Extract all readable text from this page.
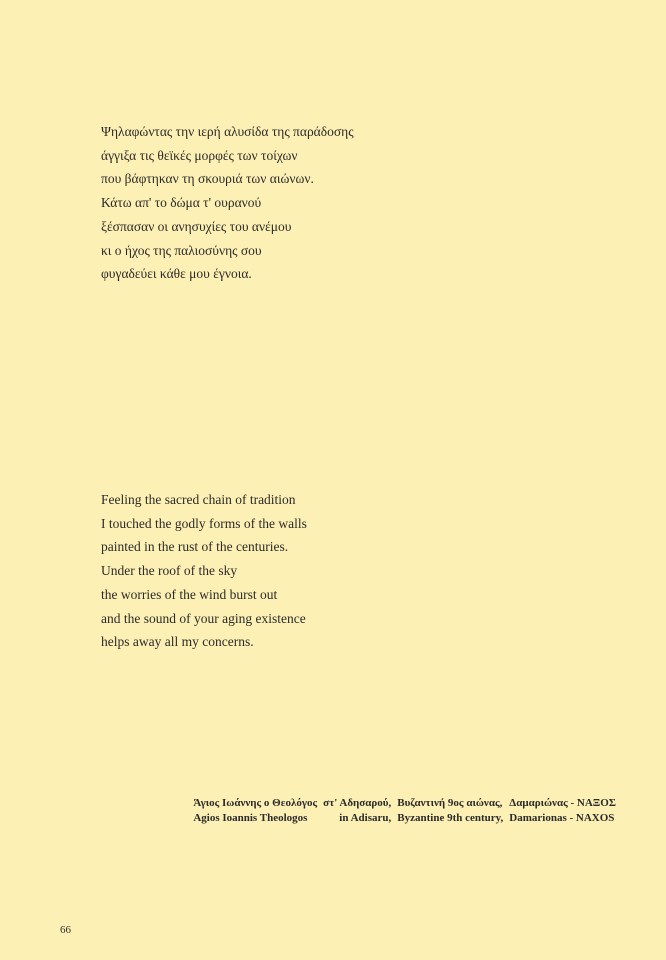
Ψηλαφώντας την ιερή αλυσίδα της παράδοσης
άγγιξα τις θεϊκές μορφές των τοίχων
που βάφτηκαν τη σκουριά των αιώνων.
Κάτω απ' το δώμα τ' ουρανού
ξέσπασαν οι ανησυχίες του ανέμου
κι ο ήχος της παλιοσύνης σου
φυγαδεύει κάθε μου έγνοια.
Feeling the sacred chain of tradition
I touched the godly forms of the walls
painted in the rust of the centuries.
Under the roof of the sky
the worries of the wind burst out
and the sound of your aging existence
helps away all my concerns.
Άγιος Ιωάννης ο Θεολόγος	στ' Αδησαρού,	Βυζαντινή 9ος αιώνας,	Δαμαριώνας - ΝΑΞΟΣ
Agios Ioannis Theologos	in Adisaru,	Byzantine 9th century,	Damarionas - NAXOS
66
